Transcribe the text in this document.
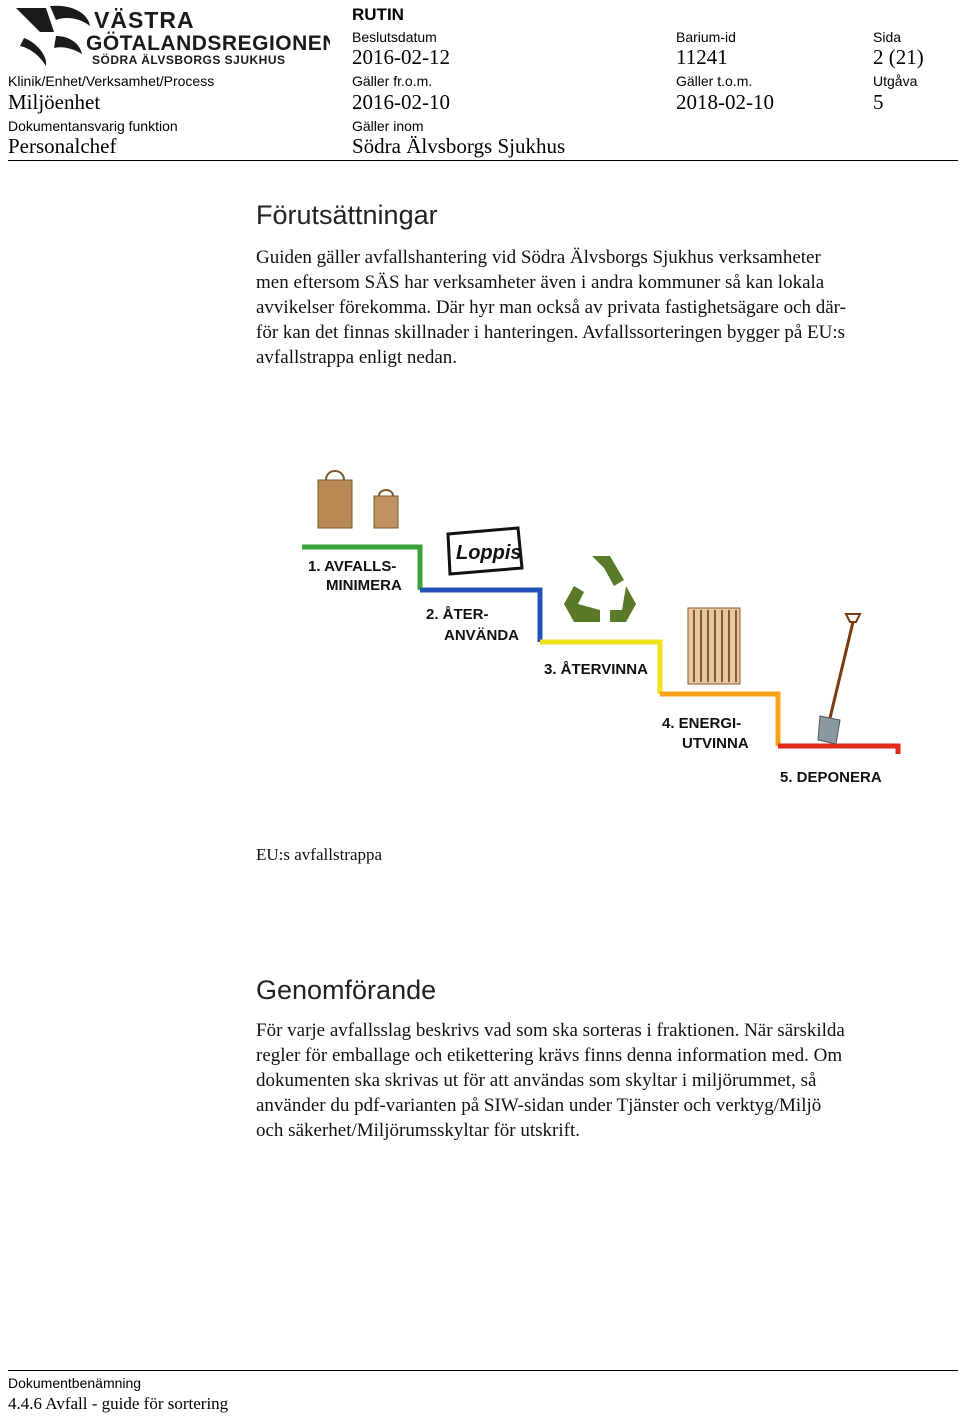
VÄSTRA
GÖTALANDSREGIONEN
SÖDRA ÄLVSBORGS SJUKHUS
RUTIN
Beslutsdatum
2016-02-12
Barium-id
11241
Sida
2 (21)
Klinik/Enhet/Verksamhet/Process
Miljöenhet
Gäller fr.o.m.
2016-02-10
Gäller t.o.m.
2018-02-10
Utgåva
5
Dokumentansvarig funktion
Personalchef
Gäller inom
Södra Älvsborgs Sjukhus
Förutsättningar

Guiden gäller avfallshantering vid Södra Älvsborgs Sjukhus verksamheter

men eftersom SÄS har verksamheter även i andra kommuner så kan lokala

avvikelser förekomma. Där hyr man också av privata fastighetsägare och där-

för kan det finnas skillnader i hanteringen. Avfallssorteringen bygger på EU:s

avfallstrappa enligt nedan.

1. AVFALLS-
MINIMERA
2. ÅTER-
ANVÄNDA
3. ÅTERVINNA
4. ENERGI-
UTVINNA
5. DEPONERA
Loppis
EU:s avfallstrappa
Genomförande

För varje avfallsslag beskrivs vad som ska sorteras i fraktionen. När särskilda

regler för emballage och etikettering krävs finns denna information med. Om

dokumenten ska skrivas ut för att användas som skyltar i miljörummet, så

använder du pdf-varianten på SIW-sidan under Tjänster och verktyg/Miljö

och säkerhet/Miljörumsskyltar för utskrift.

Dokumentbenämning
4.4.6 Avfall - guide för sortering
